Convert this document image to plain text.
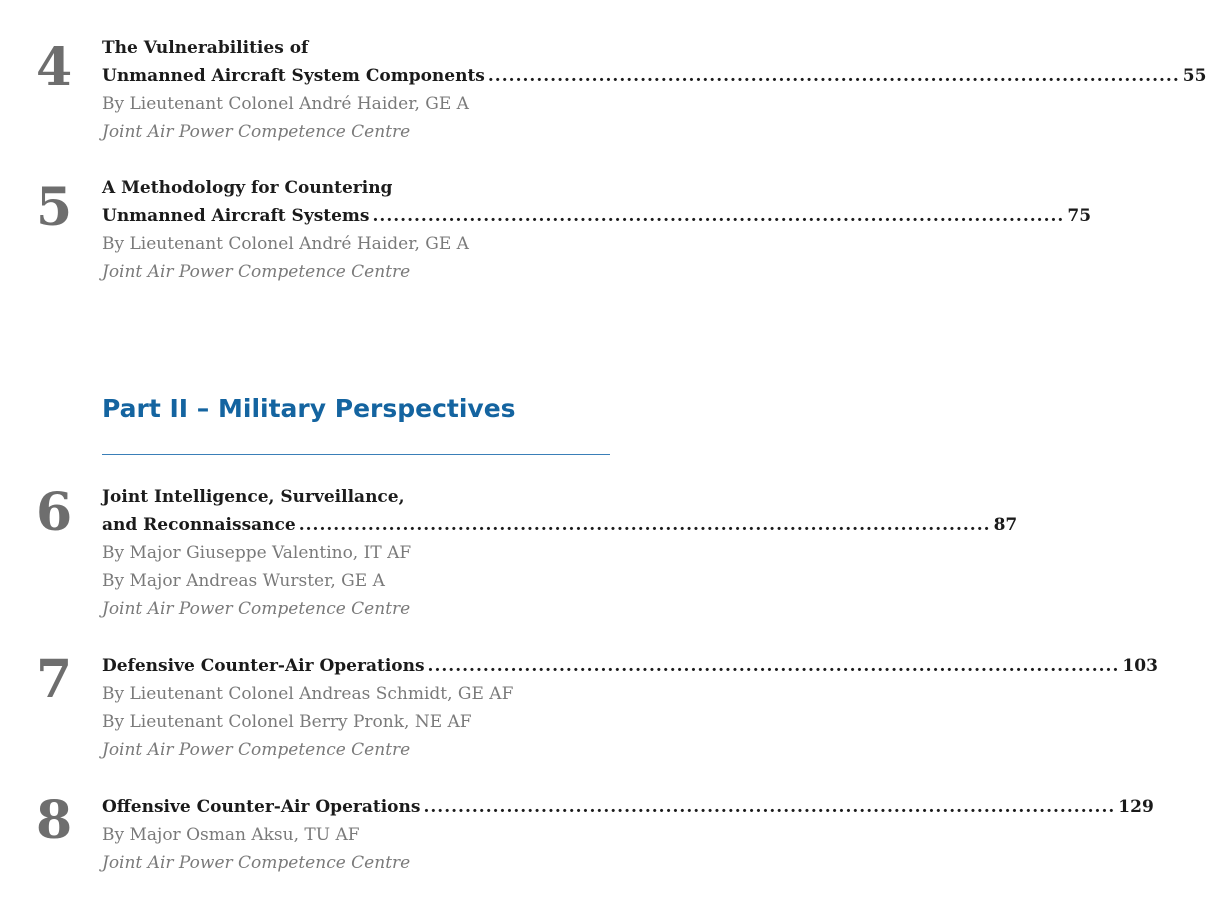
4 The Vulnerabilities of
Unmanned Aircraft System Components .................................................................................................... 55
By Lieutenant Colonel André Haider, GE A
Joint Air Power Competence Centre
5 A Methodology for Countering
Unmanned Aircraft Systems .................................................................................................... 75
By Lieutenant Colonel André Haider, GE A
Joint Air Power Competence Centre
Part II – Military Perspectives
6 Joint Intelligence, Surveillance,
and Reconnaissance .................................................................................................... 87
By Major Giuseppe Valentino, IT AF
By Major Andreas Wurster, GE A
Joint Air Power Competence Centre
7 Defensive Counter-Air Operations .................................................................................................... 103
By Lieutenant Colonel Andreas Schmidt, GE AF
By Lieutenant Colonel Berry Pronk, NE AF
Joint Air Power Competence Centre
8 Offensive Counter-Air Operations .................................................................................................... 129
By Major Osman Aksu, TU AF
Joint Air Power Competence Centre
